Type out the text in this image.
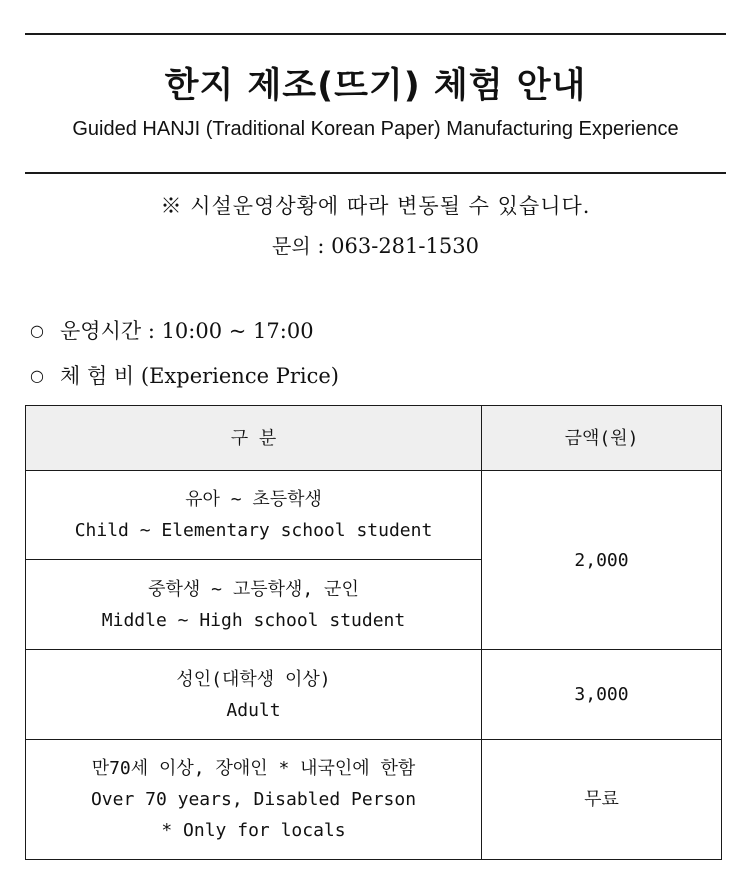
한지 제조(뜨기) 체험 안내
Guided HANJI (Traditional Korean Paper) Manufacturing Experience
※ 시설운영상황에 따라 변동될 수 있습니다.
문의 : 063-281-1530
○ 운영시간 : 10:00 ~ 17:00
○ 체 험 비 (Experience Price)
구 분	금액(원)

유아 ~ 초등학생
Child ~ Elementary school student	2,000

중학생 ~ 고등학생, 군인
Middle ~ High school student	

성인(대학생 이상)
Adult	3,000

만70세 이상, 장애인 * 내국인에 한함
Over 70 years, Disabled Person
* Only for locals	무료
